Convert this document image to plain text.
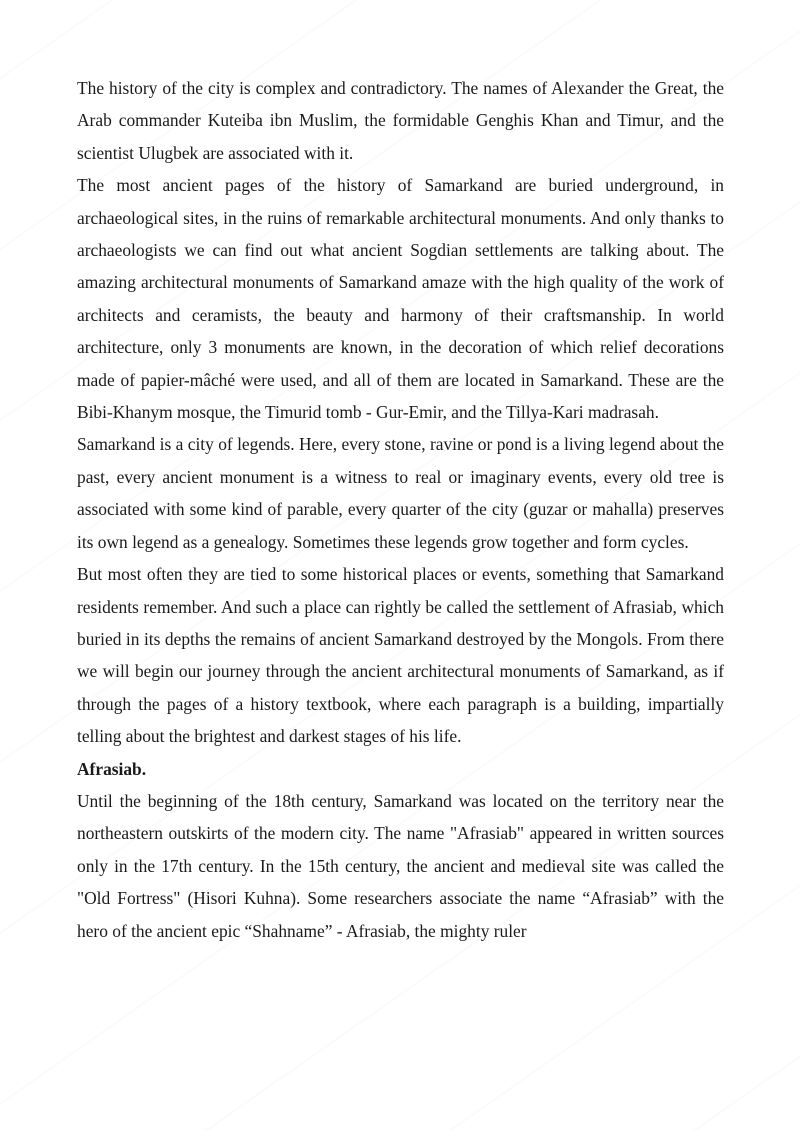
The history of the city is complex and contradictory. The names of Alexander the Great, the Arab commander Kuteiba ibn Muslim, the formidable Genghis Khan and Timur, and the scientist Ulugbek are associated with it.

The most ancient pages of the history of Samarkand are buried underground, in archaeological sites, in the ruins of remarkable architectural monuments. And only thanks to archaeologists we can find out what ancient Sogdian settlements are talking about. The amazing architectural monuments of Samarkand amaze with the high quality of the work of architects and ceramists, the beauty and harmony of their craftsmanship. In world architecture, only 3 monuments are known, in the decoration of which relief decorations made of papier-mâché were used, and all of them are located in Samarkand. These are the Bibi-Khanym mosque, the Timurid tomb - Gur-Emir, and the Tillya-Kari madrasah.

Samarkand is a city of legends. Here, every stone, ravine or pond is a living legend about the past, every ancient monument is a witness to real or imaginary events, every old tree is associated with some kind of parable, every quarter of the city (guzar or mahalla) preserves its own legend as a genealogy. Sometimes these legends grow together and form cycles.

But most often they are tied to some historical places or events, something that Samarkand residents remember. And such a place can rightly be called the settlement of Afrasiab, which buried in its depths the remains of ancient Samarkand destroyed by the Mongols. From there we will begin our journey through the ancient architectural monuments of Samarkand, as if through the pages of a history textbook, where each paragraph is a building, impartially telling about the brightest and darkest stages of his life.

Afrasiab.

Until the beginning of the 18th century, Samarkand was located on the territory near the northeastern outskirts of the modern city. The name "Afrasiab" appeared in written sources only in the 17th century. In the 15th century, the ancient and medieval site was called the "Old Fortress" (Hisori Kuhna). Some researchers associate the name “Afrasiab” with the hero of the ancient epic “Shahname” - Afrasiab, the mighty ruler
